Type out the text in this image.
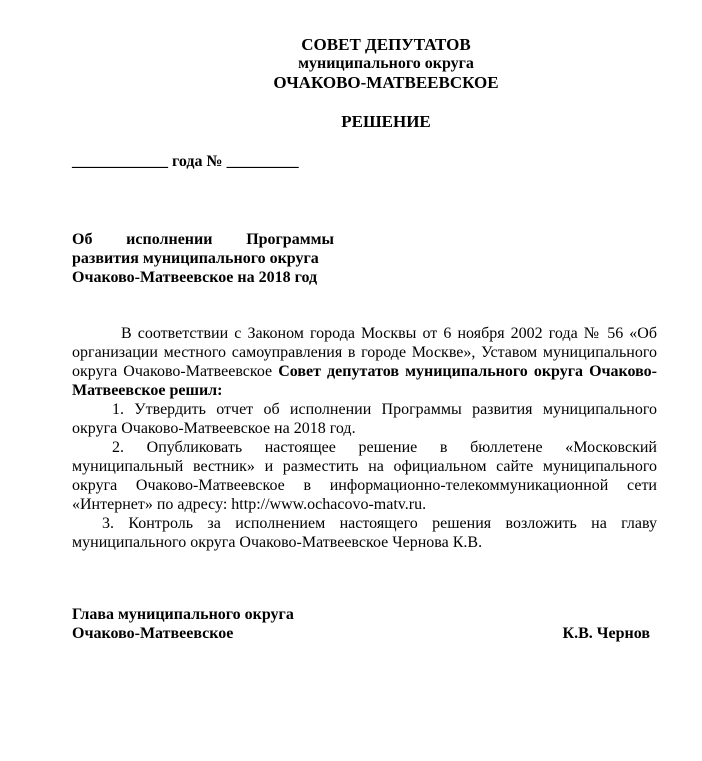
СОВЕТ ДЕПУТАТОВ
муниципального округа
ОЧАКОВО-МАТВЕЕВСКОЕ
РЕШЕНИЕ
____________ года № _________
Об исполнении Программы
развития муниципального округа
Очаково-Матвеевское на 2018 год

В соответствии с Законом города Москвы от 6 ноября 2002 года № 56 «Об организации местного самоуправления в городе Москве», Уставом муниципального округа Очаково-Матвеевское Совет депутатов муниципального округа Очаково-Матвеевское решил:

1. Утвердить отчет об исполнении Программы развития муниципального округа Очаково-Матвеевское на 2018 год.

2. Опубликовать настоящее решение в бюллетене «Московский муниципальный вестник» и разместить на официальном сайте муниципального округа Очаково-Матвеевское в информационно-телекоммуникационной сети «Интернет» по адресу: http://www.ochacovo-matv.ru.

3. Контроль за исполнением настоящего решения возложить на главу муниципального округа Очаково-Матвеевское Чернова К.В.

Глава муниципального округа
Очаково-Матвеевское	К.В. Чернов
